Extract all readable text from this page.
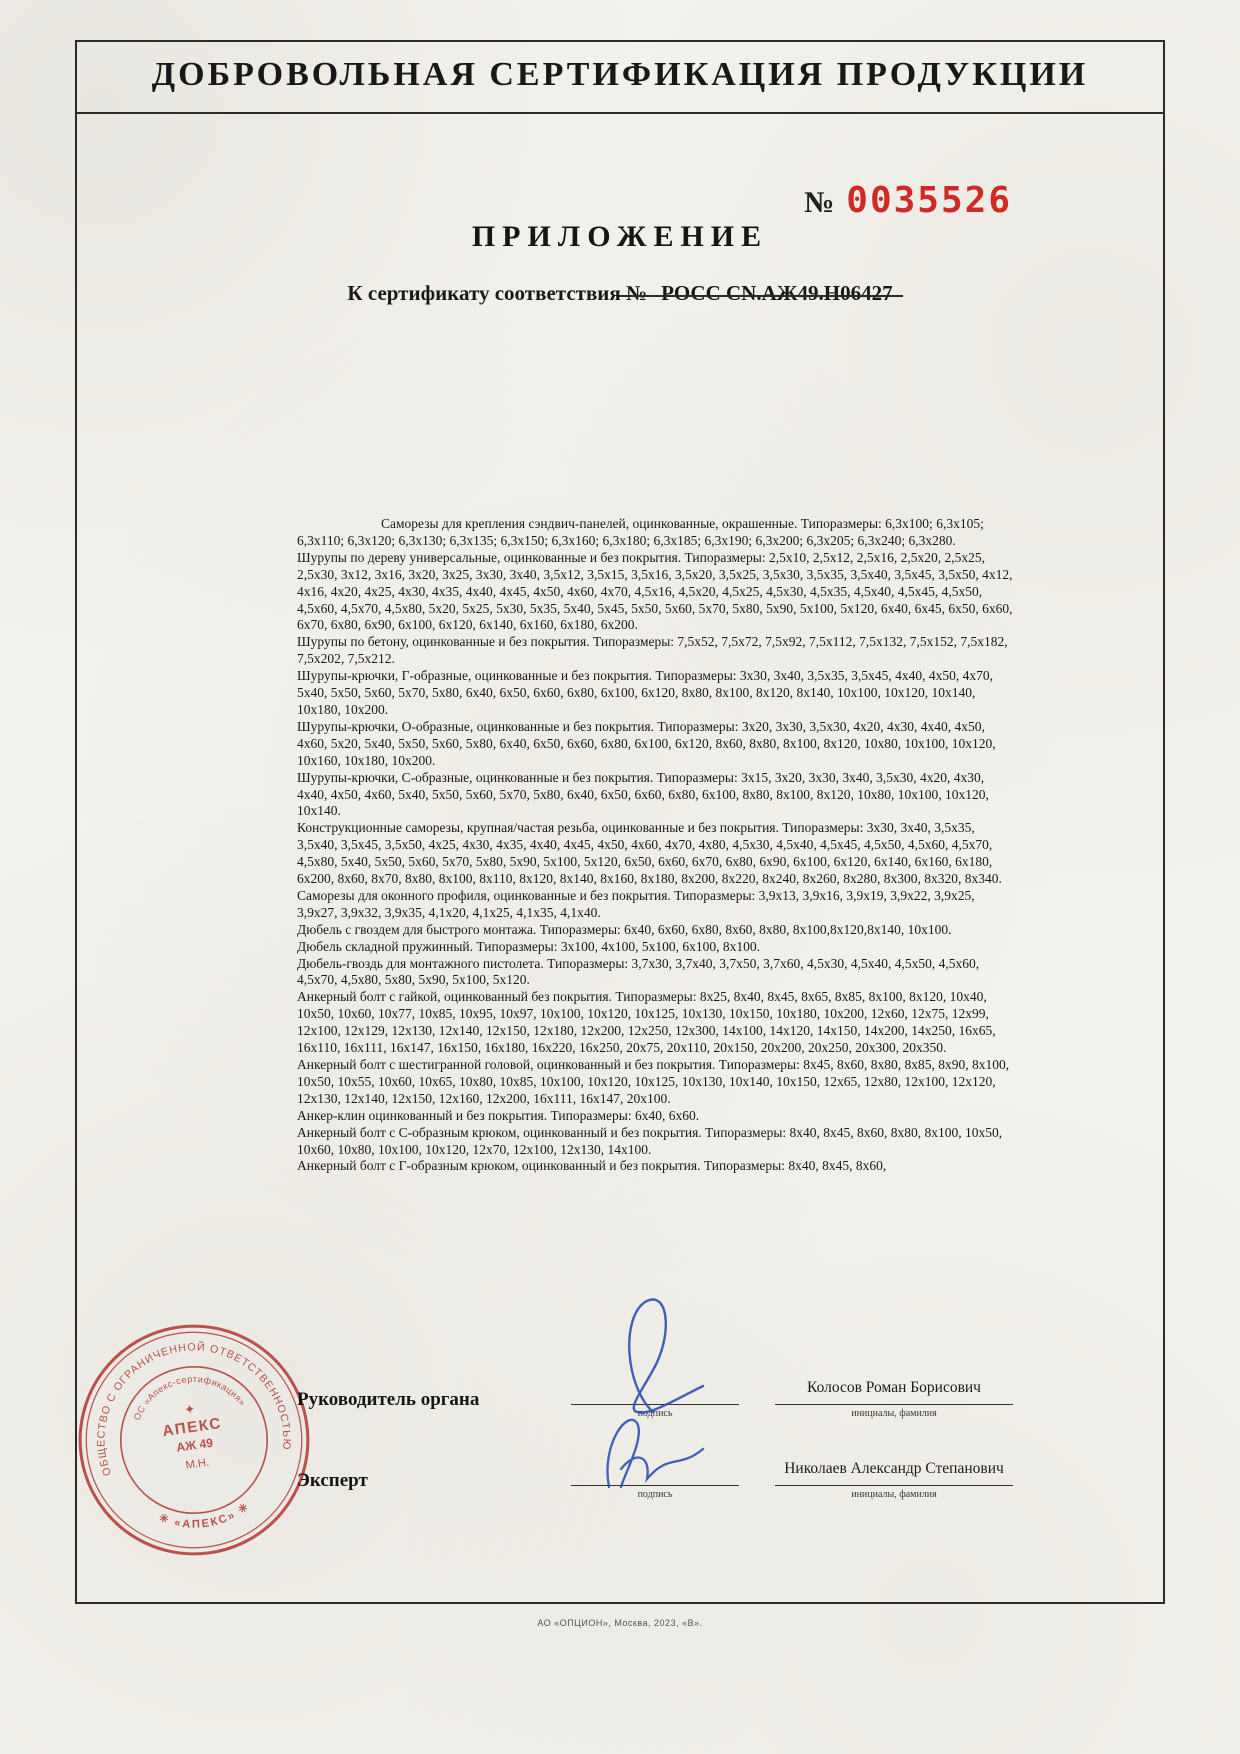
ДОБРОВОЛЬНАЯ СЕРТИФИКАЦИЯ ПРОДУКЦИИ
№ 0035526
ПРИЛОЖЕНИЕ
К сертификату соответствия № РОСС CN.АЖ49.Н06427

Саморезы для крепления сэндвич-панелей, оцинкованные, окрашенные. Типоразмеры: 6,3х100; 6,3х105; 6,3х110; 6,3х120; 6,3х130; 6,3х135; 6,3х150; 6,3х160; 6,3х180; 6,3х185; 6,3х190; 6,3х200; 6,3х205; 6,3х240; 6,3х280.

Шурупы по дереву универсальные, оцинкованные и без покрытия. Типоразмеры: 2,5х10, 2,5х12, 2,5х16, 2,5х20, 2,5х25, 2,5х30, 3х12, 3х16, 3х20, 3х25, 3х30, 3х40, 3,5х12, 3,5х15, 3,5х16, 3,5х20, 3,5х25, 3,5х30, 3,5х35, 3,5х40, 3,5х45, 3,5х50, 4х12, 4х16, 4х20, 4х25, 4х30, 4х35, 4х40, 4х45, 4х50, 4х60, 4х70, 4,5х16, 4,5х20, 4,5х25, 4,5х30, 4,5х35, 4,5х40, 4,5х45, 4,5х50, 4,5х60, 4,5х70, 4,5х80, 5х20, 5х25, 5х30, 5х35, 5х40, 5х45, 5х50, 5х60, 5х70, 5х80, 5х90, 5х100, 5х120, 6х40, 6х45, 6х50, 6х60, 6х70, 6х80, 6х90, 6х100, 6х120, 6х140, 6х160, 6х180, 6х200.

Шурупы по бетону, оцинкованные и без покрытия. Типоразмеры: 7,5х52, 7,5х72, 7,5х92, 7,5х112, 7,5х132, 7,5х152, 7,5х182, 7,5х202, 7,5х212.

Шурупы-крючки, Г-образные, оцинкованные и без покрытия. Типоразмеры: 3х30, 3х40, 3,5х35, 3,5х45, 4х40, 4х50, 4х70, 5х40, 5х50, 5х60, 5х70, 5х80, 6х40, 6х50, 6х60, 6х80, 6х100, 6х120, 8х80, 8х100, 8х120, 8х140, 10х100, 10х120, 10х140, 10х180, 10х200.

Шурупы-крючки, О-образные, оцинкованные и без покрытия. Типоразмеры: 3х20, 3х30, 3,5х30, 4х20, 4х30, 4х40, 4х50, 4х60, 5х20, 5х40, 5х50, 5х60, 5х80, 6х40, 6х50, 6х60, 6х80, 6х100, 6х120, 8х60, 8х80, 8х100, 8х120, 10х80, 10х100, 10х120, 10х160, 10х180, 10х200.

Шурупы-крючки, С-образные, оцинкованные и без покрытия. Типоразмеры: 3х15, 3х20, 3х30, 3х40, 3,5х30, 4х20, 4х30, 4х40, 4х50, 4х60, 5х40, 5х50, 5х60, 5х70, 5х80, 6х40, 6х50, 6х60, 6х80, 6х100, 8х80, 8х100, 8х120, 10х80, 10х100, 10х120, 10х140.

Конструкционные саморезы, крупная/частая резьба, оцинкованные и без покрытия. Типоразмеры: 3х30, 3х40, 3,5х35, 3,5х40, 3,5х45, 3,5х50, 4х25, 4х30, 4х35, 4х40, 4х45, 4х50, 4х60, 4х70, 4х80, 4,5х30, 4,5х40, 4,5х45, 4,5х50, 4,5х60, 4,5х70, 4,5х80, 5х40, 5х50, 5х60, 5х70, 5х80, 5х90, 5х100, 5х120, 6х50, 6х60, 6х70, 6х80, 6х90, 6х100, 6х120, 6х140, 6х160, 6х180, 6х200, 8х60, 8х70, 8х80, 8х100, 8х110, 8х120, 8х140, 8х160, 8х180, 8х200, 8х220, 8х240, 8х260, 8х280, 8х300, 8х320, 8х340.

Саморезы для оконного профиля, оцинкованные и без покрытия. Типоразмеры: 3,9х13, 3,9х16, 3,9х19, 3,9х22, 3,9х25, 3,9х27, 3,9х32, 3,9х35, 4,1х20, 4,1х25, 4,1х35, 4,1х40.

Дюбель с гвоздем для быстрого монтажа. Типоразмеры: 6х40, 6х60, 6х80, 8х60, 8х80, 8х100,8х120,8х140, 10х100.

Дюбель складной пружинный. Типоразмеры: 3х100, 4х100, 5х100, 6х100, 8х100.

Дюбель-гвоздь для монтажного пистолета. Типоразмеры: 3,7х30, 3,7х40, 3,7х50, 3,7х60, 4,5х30, 4,5х40, 4,5х50, 4,5х60, 4,5х70, 4,5х80, 5х80, 5х90, 5х100, 5х120.

Анкерный болт с гайкой, оцинкованный без покрытия. Типоразмеры: 8х25, 8х40, 8х45, 8х65, 8х85, 8х100, 8х120, 10х40, 10х50, 10х60, 10х77, 10х85, 10х95, 10х97, 10х100, 10х120, 10х125, 10х130, 10х150, 10х180, 10х200, 12х60, 12х75, 12х99, 12х100, 12х129, 12х130, 12х140, 12х150, 12х180, 12х200, 12х250, 12х300, 14х100, 14х120, 14х150, 14х200, 14х250, 16х65, 16х110, 16х111, 16х147, 16х150, 16х180, 16х220, 16х250, 20х75, 20х110, 20х150, 20х200, 20х250, 20х300, 20х350.

Анкерный болт с шестигранной головой, оцинкованный и без покрытия. Типоразмеры: 8х45, 8х60, 8х80, 8х85, 8х90, 8х100, 10х50, 10х55, 10х60, 10х65, 10х80, 10х85, 10х100, 10х120, 10х125, 10х130, 10х140, 10х150, 12х65, 12х80, 12х100, 12х120, 12х130, 12х140, 12х150, 12х160, 12х200, 16х111, 16х147, 20х100.

Анкер-клин оцинкованный и без покрытия. Типоразмеры: 6х40, 6х60.

Анкерный болт с С-образным крюком, оцинкованный и без покрытия. Типоразмеры: 8х40, 8х45, 8х60, 8х80, 8х100, 10х50, 10х60, 10х80, 10х100, 10х120, 12х70, 12х100, 12х130, 14х100.

Анкерный болт с Г-образным крюком, оцинкованный и без покрытия. Типоразмеры: 8х40, 8х45, 8х60,

Руководитель органа
подпись
Колосов Роман Борисович
инициалы, фамилия
Эксперт
подпись
Николаев Александр Степанович
инициалы, фамилия
ОБЩЕСТВО С ОГРАНИЧЕННОЙ ОТВЕТСТВЕННОСТЬЮ
✳ «АПЕКС» ✳
ОС «Апекс-сертификация»
✦
АПЕКС
АЖ 49
М.Н.
АО «ОПЦИОН», Москва, 2023, «В».
